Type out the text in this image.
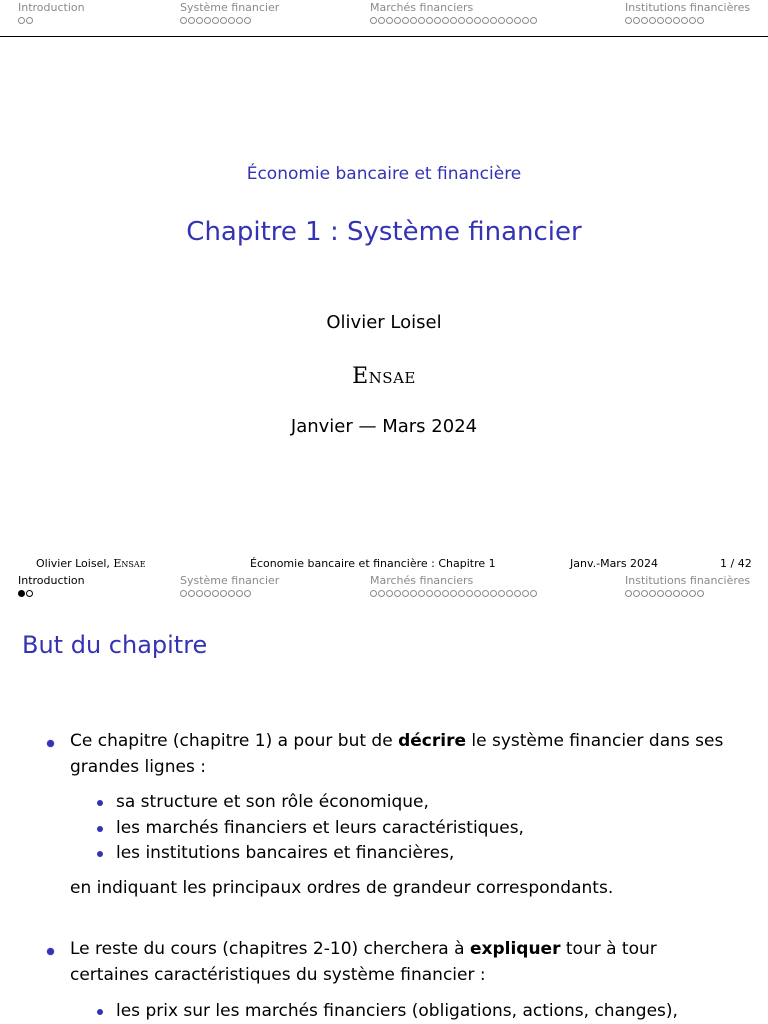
Introduction	Système financier	Marchés financiers	Institutions financières
Économie bancaire et financière
Chapitre 1 : Système financier
Olivier Loisel
Ensae
Janvier — Mars 2024
Olivier Loisel, Ensae	Économie bancaire et financière : Chapitre 1	Janv.-Mars 2024	1 / 42
Introduction	Système financier	Marchés financiers	Institutions financières
But du chapitre
Ce chapitre (chapitre 1) a pour but de décrire le système financier dans ses
grandes lignes :
sa structure et son rôle économique,
les marchés financiers et leurs caractéristiques,
les institutions bancaires et financières,
en indiquant les principaux ordres de grandeur correspondants.
Le reste du cours (chapitres 2-10) cherchera à expliquer tour à tour
certaines caractéristiques du système financier :
les prix sur les marchés financiers (obligations, actions, changes),
